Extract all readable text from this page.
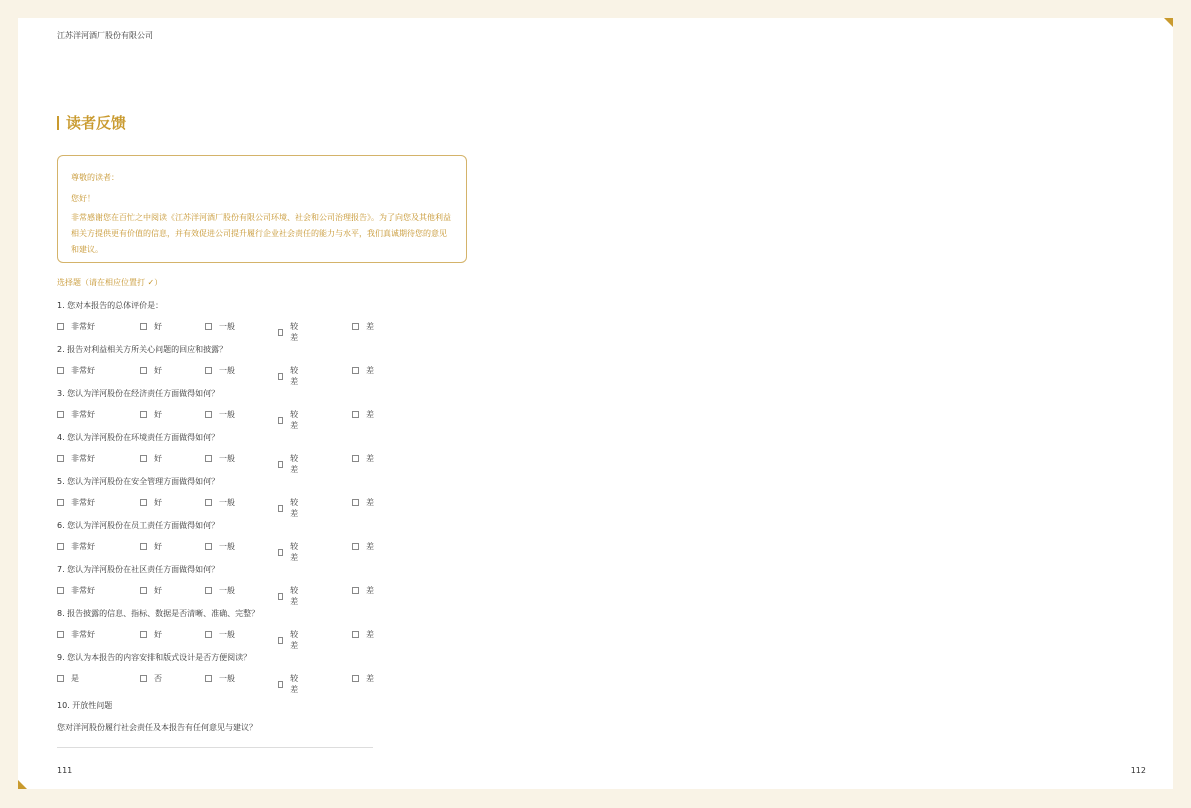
江苏洋河酒厂股份有限公司
读者反馈
尊敬的读者：
您好！
非常感谢您在百忙之中阅读《江苏洋河酒厂股份有限公司环境、社会和公司治理报告》。为了向您及其他利益相关方提供更有价值的信息，并有效促进公司提升履行企业社会责任的能力与水平，我们真诚期待您的意见和建议。
选择题（请在相应位置打 ✓）
1. 您对本报告的总体评价是：
非常好	好	一般	较差
差
2. 报告对利益相关方所关心问题的回应和披露？
非常好	好	一般	较差
差
3. 您认为洋河股份在经济责任方面做得如何？
非常好	好	一般	较差
差
4. 您认为洋河股份在环境责任方面做得如何？
非常好	好	一般	较差
差
5. 您认为洋河股份在安全管理方面做得如何？
非常好	好	一般	较差
差
6. 您认为洋河股份在员工责任方面做得如何？
非常好	好	一般	较差
差
7. 您认为洋河股份在社区责任方面做得如何？
非常好	好	一般	较差
差
8. 报告披露的信息、指标、数据是否清晰、准确、完整？
非常好	好	一般	较差
差
9. 您认为本报告的内容安排和版式设计是否方便阅读？
是	否	一般	较差
差
10. 开放性问题
您对洋河股份履行社会责任及本报告有任何意见与建议？
111	112
